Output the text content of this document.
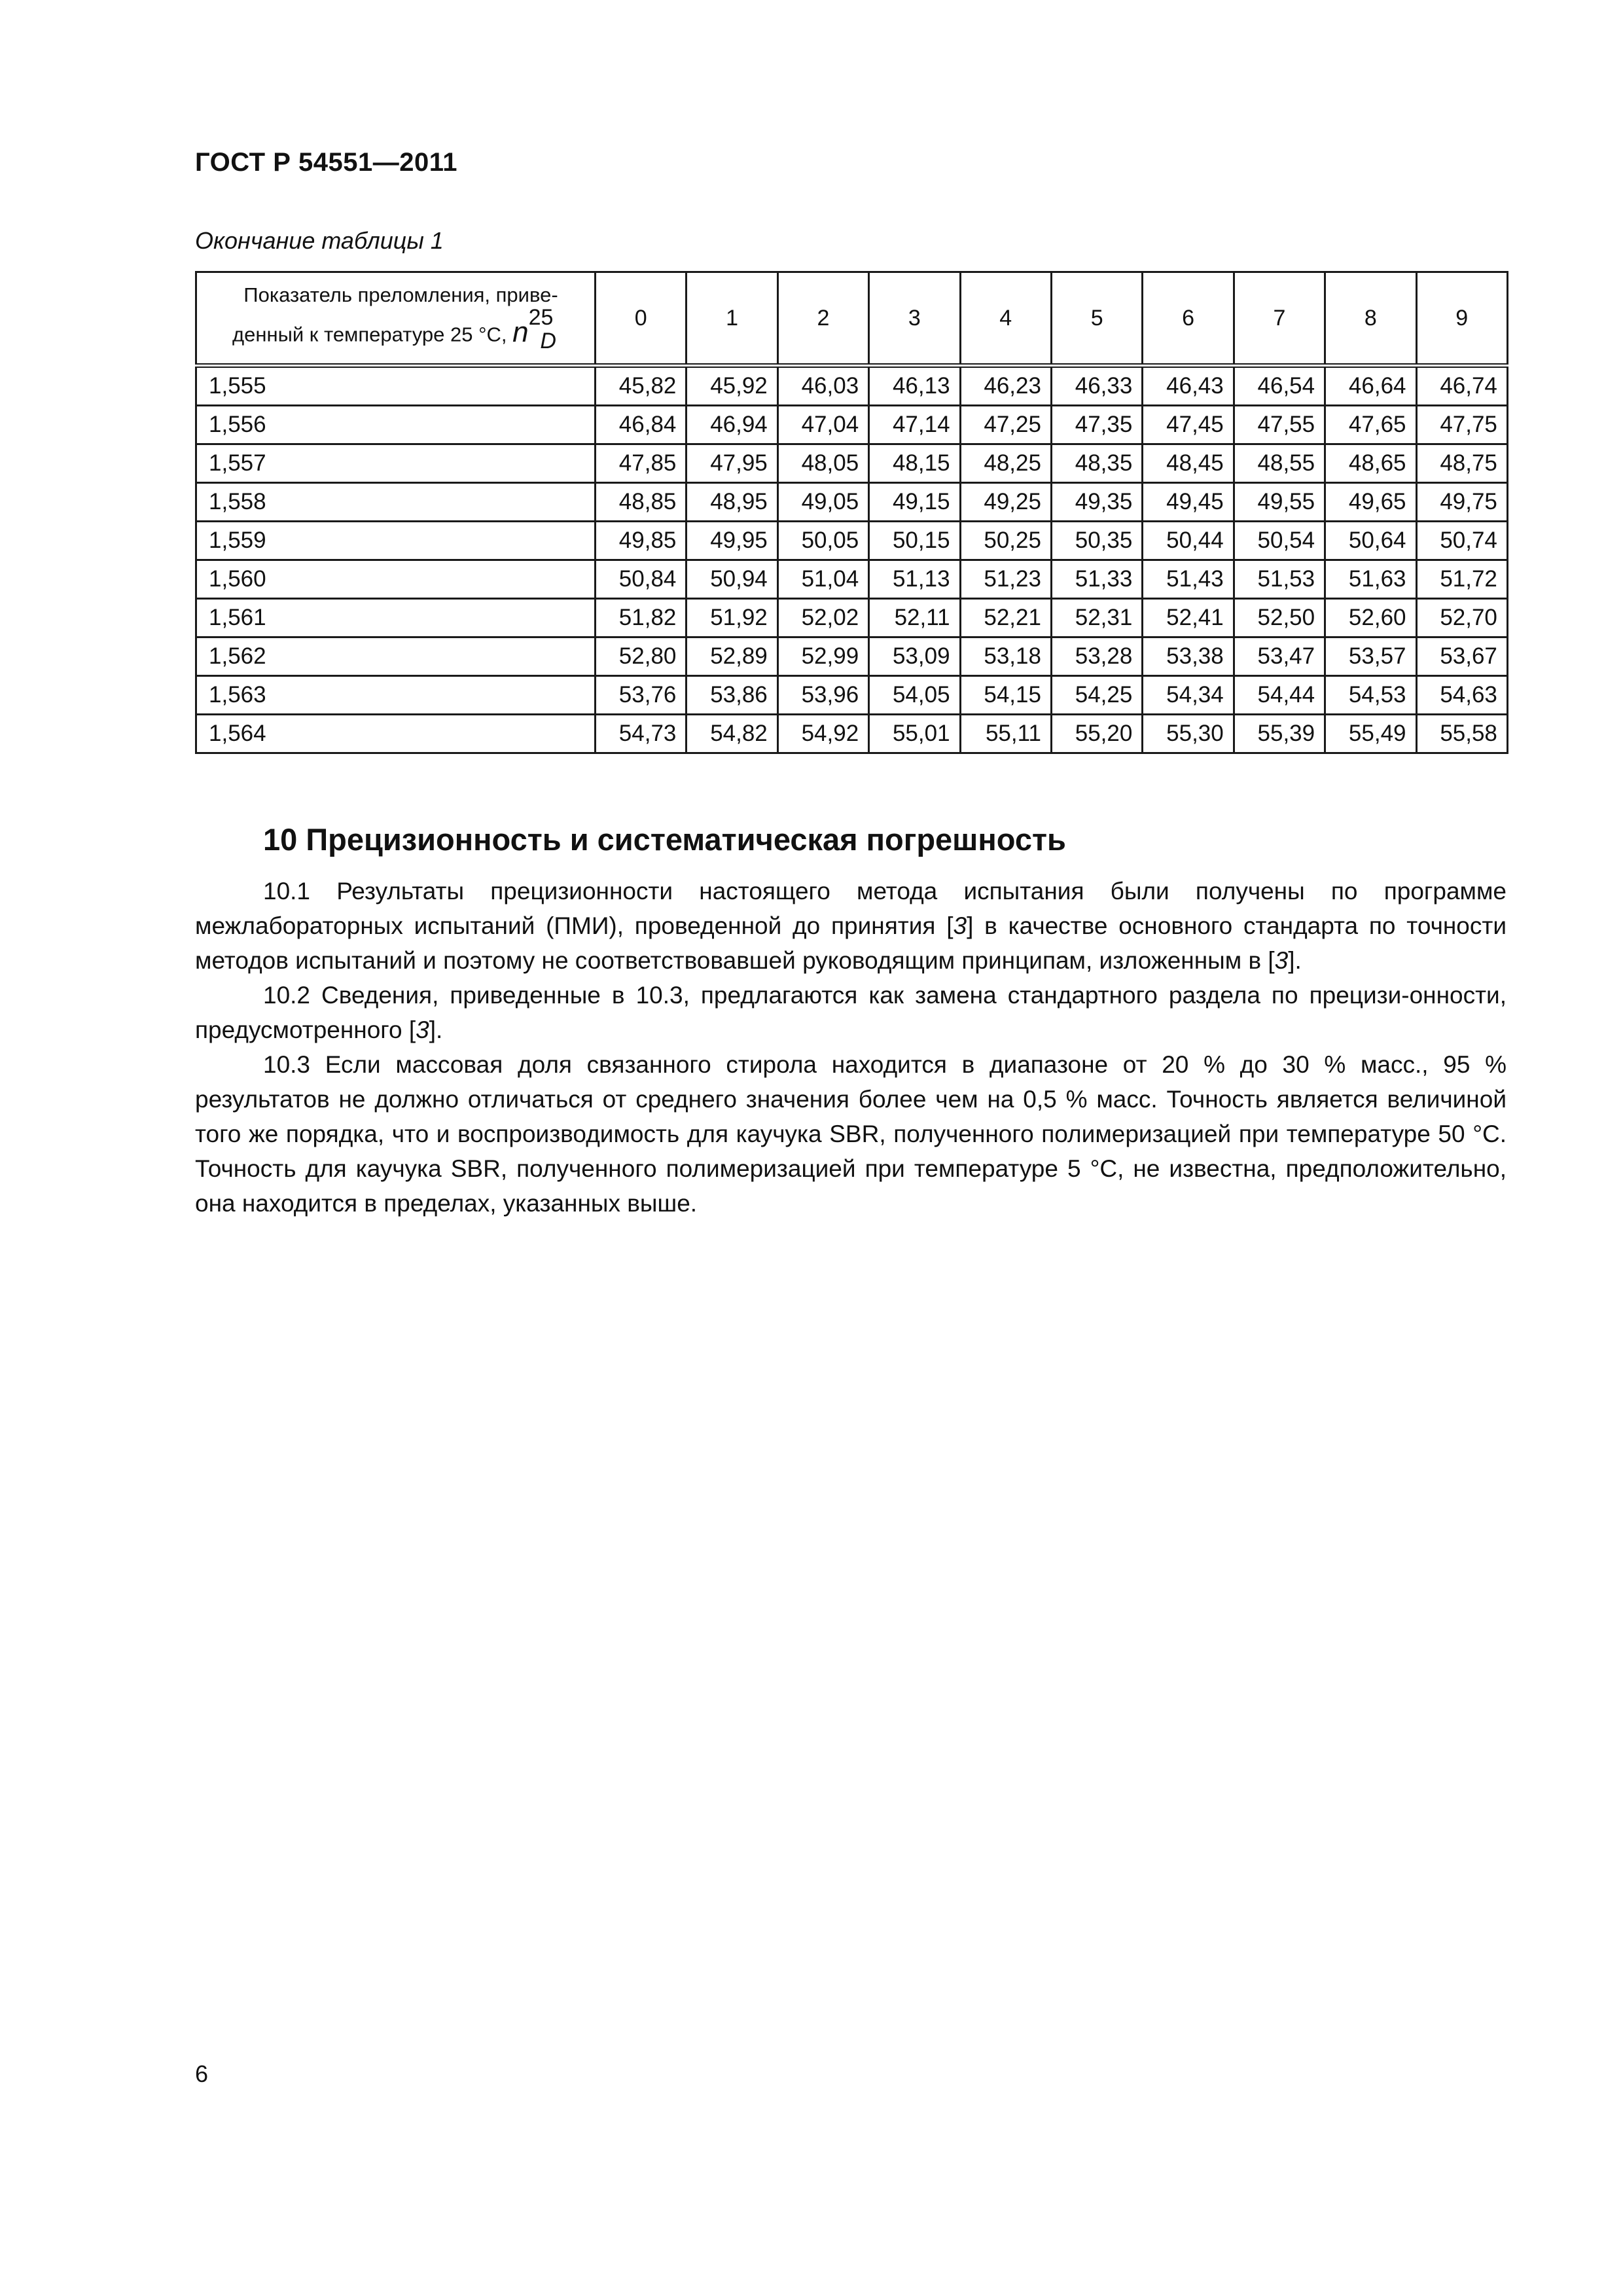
ГОСТ Р 54551—2011
Окончание таблицы 1
Показатель преломления, приве-денный к температуре 25 °C, $n^{25}_D$	0	1	2	3	4	5	6	7	8	9
1,555	45,82	45,92	46,03	46,13	46,23	46,33	46,43	46,54	46,64	46,74
1,556	46,84	46,94	47,04	47,14	47,25	47,35	47,45	47,55	47,65	47,75
1,557	47,85	47,95	48,05	48,15	48,25	48,35	48,45	48,55	48,65	48,75
1,558	48,85	48,95	49,05	49,15	49,25	49,35	49,45	49,55	49,65	49,75
1,559	49,85	49,95	50,05	50,15	50,25	50,35	50,44	50,54	50,64	50,74
1,560	50,84	50,94	51,04	51,13	51,23	51,33	51,43	51,53	51,63	51,72
1,561	51,82	51,92	52,02	52,11	52,21	52,31	52,41	52,50	52,60	52,70
1,562	52,80	52,89	52,99	53,09	53,18	53,28	53,38	53,47	53,57	53,67
1,563	53,76	53,86	53,96	54,05	54,15	54,25	54,34	54,44	54,53	54,63
1,564	54,73	54,82	54,92	55,01	55,11	55,20	55,30	55,39	55,49	55,58
10 Прецизионность и систематическая погрешность

10.1 Результаты прецизионности настоящего метода испытания были получены по программе межлабораторных испытаний (ПМИ), проведенной до принятия [3] в качестве основного стандарта по точности методов испытаний и поэтому не соответствовавшей руководящим принципам, изложенным в [3].

10.2 Сведения, приведенные в 10.3, предлагаются как замена стандартного раздела по прецизи-онности, предусмотренного [3].

10.3 Если массовая доля связанного стирола находится в диапазоне от 20 % до 30 % масс., 95 % результатов не должно отличаться от среднего значения более чем на 0,5 % масс. Точность является величиной того же порядка, что и воспроизводимость для каучука SBR, полученного полимеризацией при температуре 50 °C. Точность для каучука SBR, полученного полимеризацией при температуре 5 °C, не известна, предположительно, она находится в пределах, указанных выше.

6
